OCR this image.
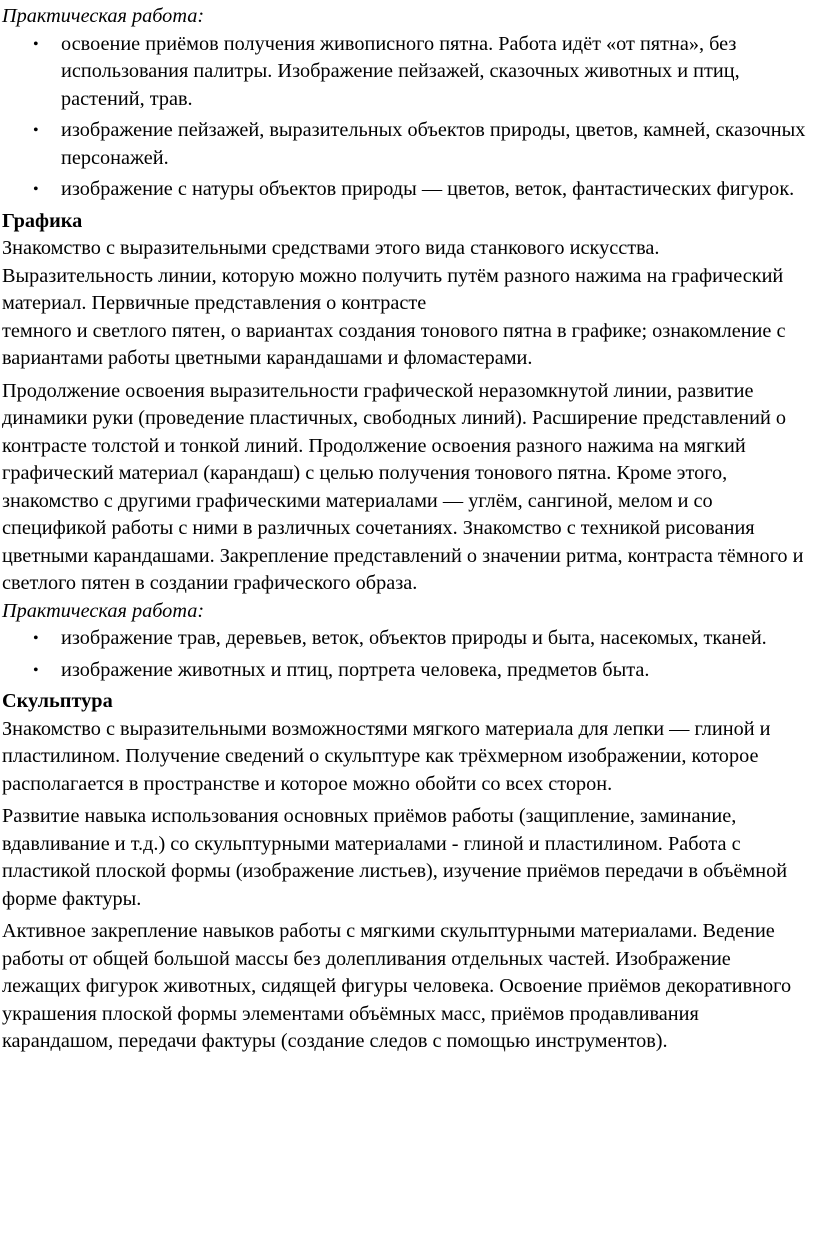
Практическая работа:

• освоение приёмов получения живописного пятна. Работа идёт «от пятна», без использования палитры. Изображение пейзажей, сказочных животных и птиц, растений, трав.
• изображение пейзажей, выразительных объектов природы, цветов, камней, сказочных персонажей.
• изображение с натуры объектов природы — цветов, веток, фантастических фигурок.

Графика

Знакомство с выразительными средствами этого вида станкового искусства. Выразительность линии, которую можно получить путём разного нажима на графический материал. Первичные представления о контрасте

темного и светлого пятен, о вариантах создания тонового пятна в графике; ознакомление с вариантами работы цветными карандашами и фломастерами.

Продолжение освоения выразительности графической неразомкнутой линии, развитие динамики руки (проведение пластичных, свободных линий). Расширение представлений о контрасте толстой и тонкой линий. Продолжение освоения разного нажима на мягкий графический материал (карандаш) с целью получения тонового пятна. Кроме этого, знакомство с другими графическими материалами — углём, сангиной, мелом и со спецификой работы с ними в различных сочетаниях. Знакомство с техникой рисования цветными карандашами. Закрепление представлений о значении ритма, контраста тёмного и светлого пятен в создании графического образа.

Практическая работа:

• изображение трав, деревьев, веток, объектов природы и быта, насекомых, тканей.
• изображение животных и птиц, портрета человека, предметов быта.

Скульптура

Знакомство с выразительными возможностями мягкого материала для лепки — глиной и пластилином. Получение сведений о скульптуре как трёхмерном изображении, которое располагается в пространстве и которое можно обойти со всех сторон.

Развитие навыка использования основных приёмов работы (защипление, заминание, вдавливание и т.д.) со скульптурными материалами - глиной и пластилином. Работа с пластикой плоской формы (изображение листьев), изучение приёмов передачи в объёмной форме фактуры.

Активное закрепление навыков работы с мягкими скульптурными материалами. Ведение работы от общей большой массы без долепливания отдельных частей. Изображение лежащих фигурок животных, сидящей фигуры человека. Освоение приёмов декоративного украшения плоской формы элементами объёмных масс, приёмов продавливания карандашом, передачи фактуры (создание следов с помощью инструментов).
